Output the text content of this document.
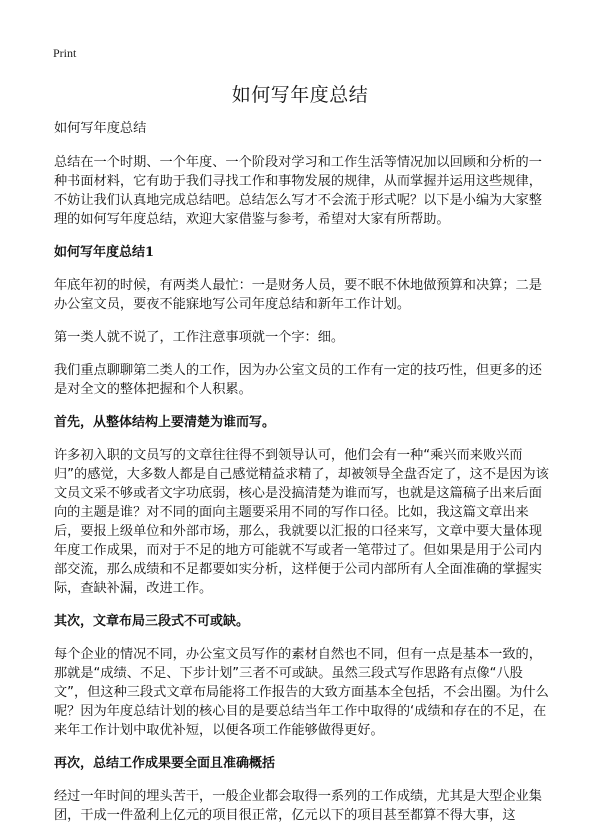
Print
如何写年度总结
如何写年度总结

总结在一个时期、一个年度、一个阶段对学习和工作生活等情况加以回顾和分析的一种书面材料，它有助于我们寻找工作和事物发展的规律，从而掌握并运用这些规律，不妨让我们认真地完成总结吧。总结怎么写才不会流于形式呢？以下是小编为大家整理的如何写年度总结，欢迎大家借鉴与参考，希望对大家有所帮助。

如何写年度总结1

年底年初的时候，有两类人最忙：一是财务人员，要不眠不休地做预算和决算；二是办公室文员，要夜不能寐地写公司年度总结和新年工作计划。

第一类人就不说了，工作注意事项就一个字：细。

我们重点聊聊第二类人的工作，因为办公室文员的工作有一定的技巧性，但更多的还是对全文的整体把握和个人积累。

首先，从整体结构上要清楚为谁而写。

许多初入职的文员写的文章往往得不到领导认可，他们会有一种“乘兴而来败兴而归”的感觉，大多数人都是自己感觉精益求精了，却被领导全盘否定了，这不是因为该文员文采不够或者文字功底弱，核心是没搞清楚为谁而写，也就是这篇稿子出来后面向的主题是谁？对不同的面向主题要采用不同的写作口径。比如，我这篇文章出来后，要报上级单位和外部市场，那么，我就要以汇报的口径来写，文章中要大量体现年度工作成果，而对于不足的地方可能就不写或者一笔带过了。但如果是用于公司内部交流，那么成绩和不足都要如实分析，这样便于公司内部所有人全面准确的掌握实际，查缺补漏，改进工作。

其次，文章布局三段式不可或缺。

每个企业的情况不同，办公室文员写作的素材自然也不同，但有一点是基本一致的，那就是“成绩、不足、下步计划”三者不可或缺。虽然三段式写作思路有点像“八股文”，但这种三段式文章布局能将工作报告的大致方面基本全包括，不会出圈。为什么呢？因为年度总结计划的核心目的是要总结当年工作中取得的‘成绩和存在的不足，在来年工作计划中取优补短，以便各项工作能够做得更好。

再次，总结工作成果要全面且准确概括

经过一年时间的埋头苦干，一般企业都会取得一系列的工作成绩，尤其是大型企业集团，干成一件盈利上亿元的项目很正常，亿元以下的项目甚至都算不得大事，这
